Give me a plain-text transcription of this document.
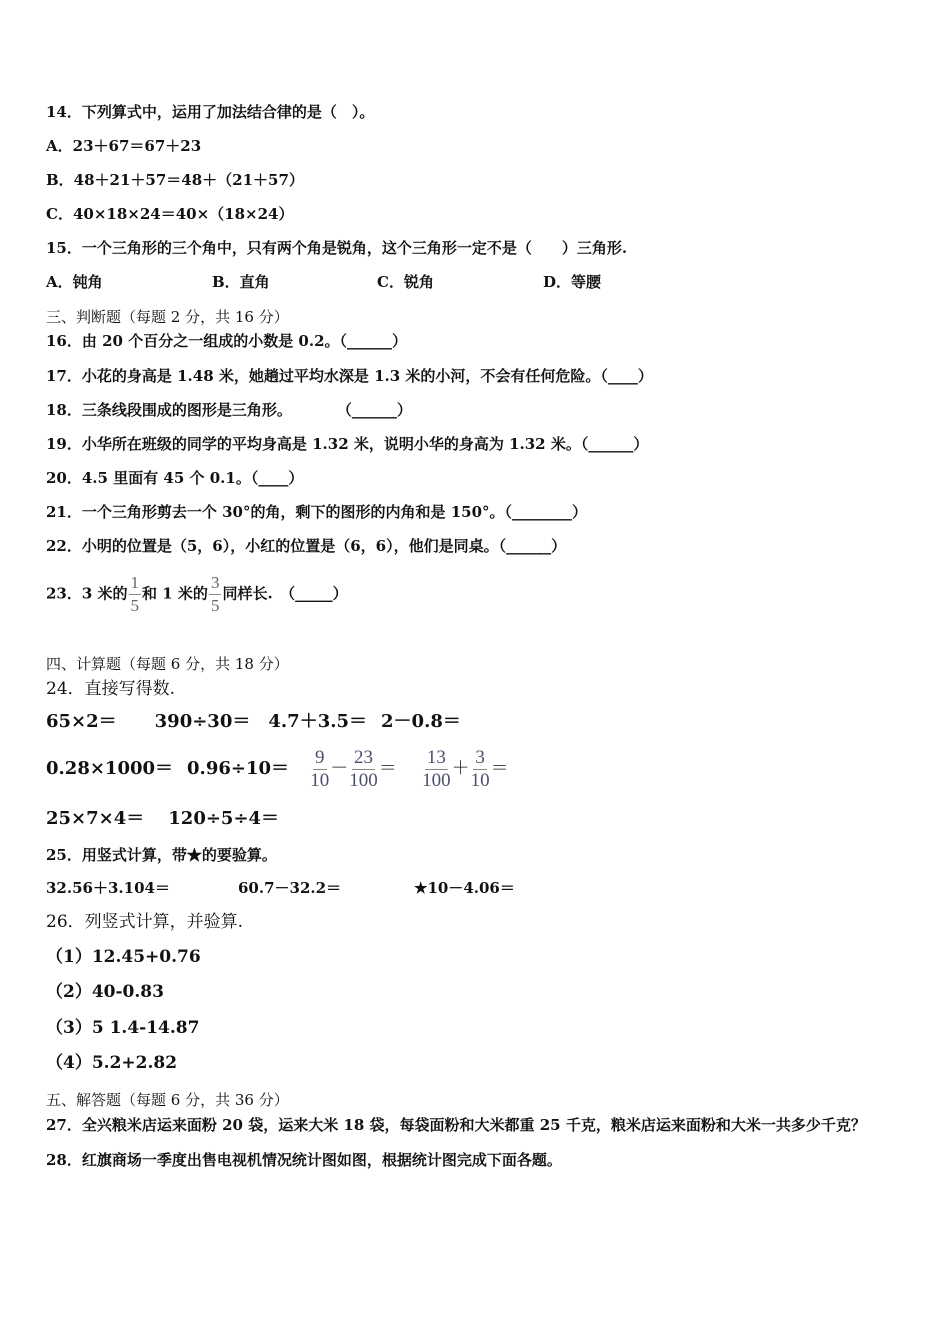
14．下列算式中，运用了加法结合律的是（　）。
A．23＋67＝67＋23
B．48＋21＋57＝48＋（21＋57）
C．40×18×24＝40×（18×24）
15．一个三角形的三个角中，只有两个角是锐角，这个三角形一定不是（　　）三角形.
A．钝角	B．直角	C．锐角	D．等腰
三、判断题（每题 2 分，共 16 分）
16．由 20 个百分之一组成的小数是 0.2。（______）
17．小花的身高是 1.48 米，她趟过平均水深是 1.3 米的小河，不会有任何危险。（____）
18．三条线段围成的图形是三角形。　　　　（______）
19．小华所在班级的同学的平均身高是 1.32 米，说明小华的身高为 1.32 米。（______）
20．4.5 里面有 45 个 0.1。（____）
21．一个三角形剪去一个 30°的角，剩下的图形的内角和是 150°。（________）
22．小明的位置是（5，6），小红的位置是（6，6），他们是同桌。（______）
23．3 米的 $\frac{1}{5}$ 和 1 米的 $\frac{3}{5}$ 同样长.　（_____）
四、计算题（每题 6 分，共 18 分）
24．直接写得数.
65×2＝ 390÷30＝ 4.7＋3.5＝ 2－0.8＝
$0.28\times 1000= 0.96\div 10= \frac{9}{10} - \frac{23}{100} = \frac{13}{100} + \frac{3}{10}$ ＝
25×7×4＝ 120÷5÷4＝
25．用竖式计算，带★的要验算。
32.56＋3.104＝	60.7－32.2＝	★10－4.06＝
26．列竖式计算，并验算.
（1）12.45+0.76
（2）40-0.83
（3）5 1.4-14.87
（4）5.2+2.82
五、解答题（每题 6 分，共 36 分）
27．全兴粮米店运来面粉 20 袋，运来大米 18 袋，每袋面粉和大米都重 25 千克，粮米店运来面粉和大米一共多少千克？
28．红旗商场一季度出售电视机情况统计图如图，根据统计图完成下面各题。
